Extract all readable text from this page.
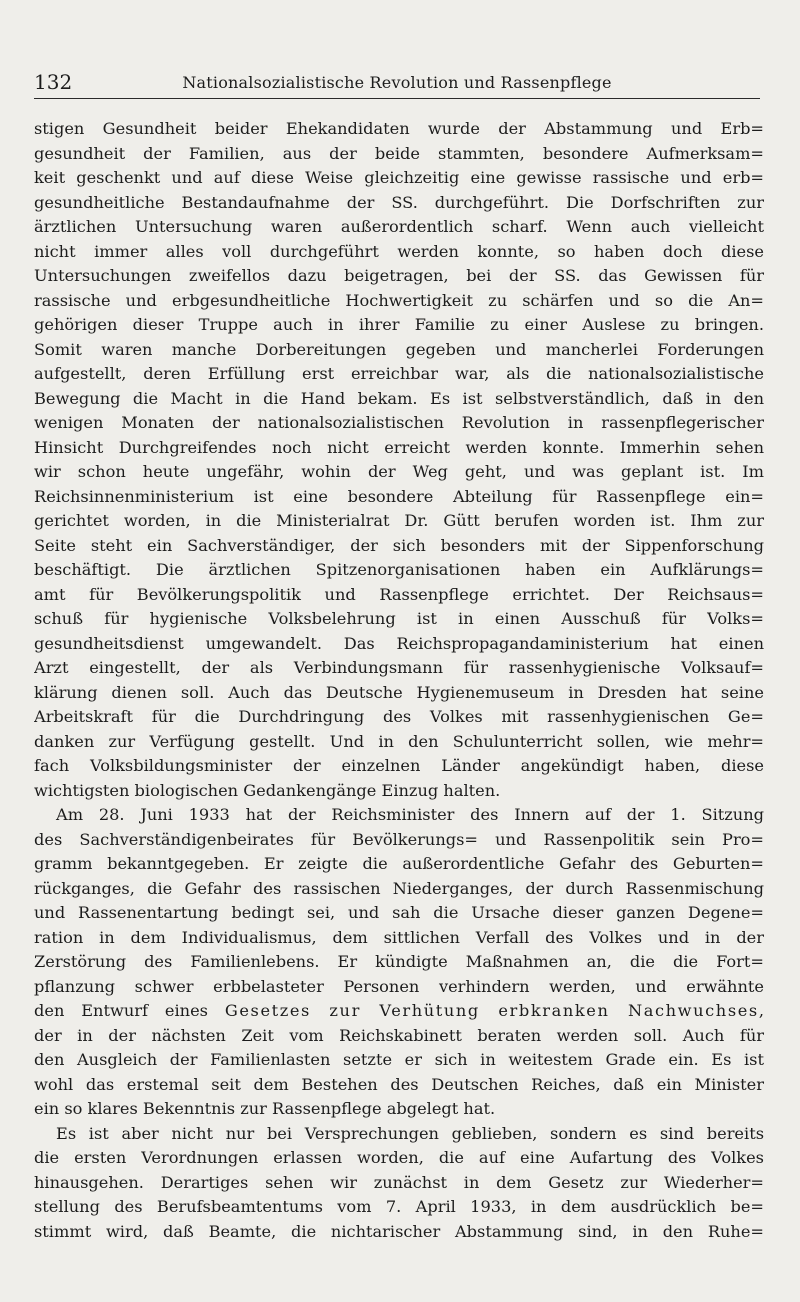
132	Nationalsozialistische Revolution und Rassenpflege
stigen Gesundheit beider Ehekandidaten wurde der Abstammung und Erb=
gesundheit der Familien, aus der beide stammten, besondere Aufmerksam=
keit geschenkt und auf diese Weise gleichzeitig eine gewisse rassische und erb=
gesundheitliche Bestandaufnahme der SS. durchgeführt. Die Dorfschriften zur
ärztlichen Untersuchung waren außerordentlich scharf. Wenn auch vielleicht
nicht immer alles voll durchgeführt werden konnte, so haben doch diese
Untersuchungen zweifellos dazu beigetragen, bei der SS. das Gewissen für
rassische und erbgesundheitliche Hochwertigkeit zu schärfen und so die An=
gehörigen dieser Truppe auch in ihrer Familie zu einer Auslese zu bringen.
Somit waren manche Dorbereitungen gegeben und mancherlei Forderungen
aufgestellt, deren Erfüllung erst erreichbar war, als die nationalsozialistische
Bewegung die Macht in die Hand bekam. Es ist selbstverständlich, daß in den
wenigen Monaten der nationalsozialistischen Revolution in rassenpflegerischer
Hinsicht Durchgreifendes noch nicht erreicht werden konnte. Immerhin sehen
wir schon heute ungefähr, wohin der Weg geht, und was geplant ist. Im
Reichsinnenministerium ist eine besondere Abteilung für Rassenpflege ein=
gerichtet worden, in die Ministerialrat Dr. Gütt berufen worden ist. Ihm zur
Seite steht ein Sachverständiger, der sich besonders mit der Sippenforschung
beschäftigt. Die ärztlichen Spitzenorganisationen haben ein Aufklärungs=
amt für Bevölkerungspolitik und Rassenpflege errichtet. Der Reichsaus=
schuß für hygienische Volksbelehrung ist in einen Ausschuß für Volks=
gesundheitsdienst umgewandelt. Das Reichspropagandaministerium hat einen
Arzt eingestellt, der als Verbindungsmann für rassenhygienische Volksauf=
klärung dienen soll. Auch das Deutsche Hygienemuseum in Dresden hat seine
Arbeitskraft für die Durchdringung des Volkes mit rassenhygienischen Ge=
danken zur Verfügung gestellt. Und in den Schulunterricht sollen, wie mehr=
fach Volksbildungsminister der einzelnen Länder angekündigt haben, diese
wichtigsten biologischen Gedankengänge Einzug halten.
Am 28. Juni 1933 hat der Reichsminister des Innern auf der 1. Sitzung
des Sachverständigenbeirates für Bevölkerungs= und Rassenpolitik sein Pro=
gramm bekanntgegeben. Er zeigte die außerordentliche Gefahr des Geburten=
rückganges, die Gefahr des rassischen Niederganges, der durch Rassenmischung
und Rassenentartung bedingt sei, und sah die Ursache dieser ganzen Degene=
ration in dem Individualismus, dem sittlichen Verfall des Volkes und in der
Zerstörung des Familienlebens. Er kündigte Maßnahmen an, die die Fort=
pflanzung schwer erbbelasteter Personen verhindern werden, und erwähnte
den Entwurf eines Gesetzes zur Verhütung erbkranken Nachwuchses,
der in der nächsten Zeit vom Reichskabinett beraten werden soll. Auch für
den Ausgleich der Familienlasten setzte er sich in weitestem Grade ein. Es ist
wohl das erstemal seit dem Bestehen des Deutschen Reiches, daß ein Minister
ein so klares Bekenntnis zur Rassenpflege abgelegt hat.
Es ist aber nicht nur bei Versprechungen geblieben, sondern es sind bereits
die ersten Verordnungen erlassen worden, die auf eine Aufartung des Volkes
hinausgehen. Derartiges sehen wir zunächst in dem Gesetz zur Wiederher=
stellung des Berufsbeamtentums vom 7. April 1933, in dem ausdrücklich be=
stimmt wird, daß Beamte, die nichtarischer Abstammung sind, in den Ruhe=
